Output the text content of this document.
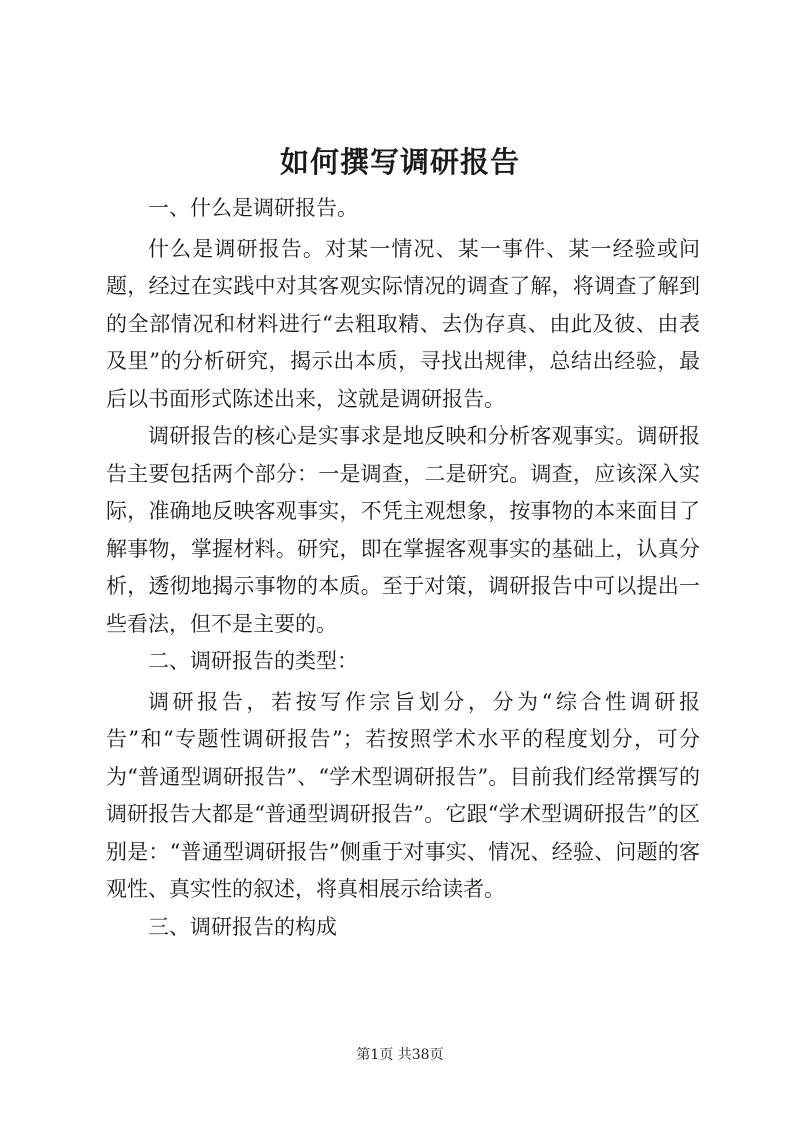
如何撰写调研报告

一、什么是调研报告。

什么是调研报告。对某一情况、某一事件、某一经验或问题，经过在实践中对其客观实际情况的调查了解，将调查了解到的全部情况和材料进行“去粗取精、去伪存真、由此及彼、由表及里”的分析研究，揭示出本质，寻找出规律，总结出经验，最后以书面形式陈述出来，这就是调研报告。

调研报告的核心是实事求是地反映和分析客观事实。调研报告主要包括两个部分：一是调查，二是研究。调查，应该深入实际，准确地反映客观事实，不凭主观想象，按事物的本来面目了解事物，掌握材料。研究，即在掌握客观事实的基础上，认真分析，透彻地揭示事物的本质。至于对策，调研报告中可以提出一些看法，但不是主要的。

二、调研报告的类型：

调研报告，若按写作宗旨划分，分为“综合性调研报告”和“专题性调研报告”；若按照学术水平的程度划分，可分为“普通型调研报告”、“学术型调研报告”。目前我们经常撰写的调研报告大都是“普通型调研报告”。它跟“学术型调研报告”的区别是：“普通型调研报告”侧重于对事实、情况、经验、问题的客观性、真实性的叙述，将真相展示给读者。

三、调研报告的构成

第1页 共38页
